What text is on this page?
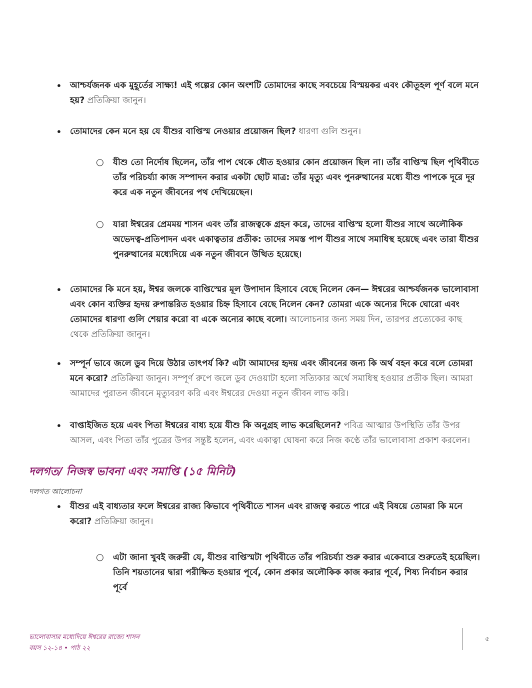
• আশ্চর্যজনক এক মুহূর্তের সাক্ষ্য! এই গল্পের কোন অংশটি তোমাদের কাছে সবচেয়ে বিস্ময়কর এবং কৌতূহল পূর্ণ বলে মনে হয়? প্রতিক্রিয়া জানুন।
• তোমাদের কেন মনে হয় যে যীশুর বাপ্তিস্ম নেওয়ার প্রয়োজন ছিল? ধারণা গুলি শুনুন।
○ যীশু তো নির্দোষ ছিলেন, তাঁর পাপ থেকে ধৌত হওয়ার কোন প্রয়োজন ছিল না। তাঁর বাপ্তিস্ম ছিল পৃথিবীতে তাঁর পরিচর্য্যা কাজ সম্পাদন করার একটা ছোট মাত্র: তাঁর মৃত্যু এবং পুনরুত্থানের মধ্যে যীশু পাপকে দূরে দূর করে এক নতুন জীবনের পথ দেখিয়েছেন।
○ যারা ঈশ্বরের প্রেমময় শাসন এবং তাঁর রাজত্বকে গ্রহন করে, তাদের বাপ্তিস্ম হলো যীশুর সাথে অলৌকিক অভেদত্ব-প্রতিপাদন এবং একাত্বতার প্রতীক: তাদের সমস্ত পাপ যীশুর সাথে সমাধিস্থ হয়েছে এবং তারা যীশুর পুনরুত্থানের মধ্যেদিয়ে এক নতুন জীবনে উত্থিত হয়েছে।
• তোমাদের কি মনে হয়, ঈশ্বর জলকে বাপ্তিস্মের মূল উপাদান হিসাবে বেছে নিলেন কেন— ঈশ্বরের আশ্চর্যজনক ভালোবাসা এবং কোন ব্যক্তির হৃদয় রুপান্তরিত হওয়ার চিহ্ন হিসাবে বেছে নিলেন কেন? তোমরা একে অন্যের দিকে ঘোরো এবং তোমাদের ধারণা গুলি শেয়ার করো বা একে অন্যের কাছে বলো। আলোচনার জন্য সময় দিন, তারপর প্রত্যেকের কাছ থেকে প্রতিক্রিয়া জানুন।
• সম্পূর্ন ভাবে জলে ডুব দিয়ে উঠার তাৎপর্য কি? এটা আমাদের হৃদয় এবং জীবনের জন্য কি অর্থ বহন করে বলে তোমরা মনে করো? প্রতিক্রিয়া জানুন। সম্পূর্ণ রুপে জলে ডুব দেওয়াটা হলো সত্যিকার অর্থে সমাধিস্থ হওয়ার প্রতীক ছিল। আমরা আমাদের পুরাতন জীবনে মৃত্যুবরণ করি এবং ঈশ্বরের দেওয়া নতুন জীবন লাভ করি।
• বাপ্তাইজিত হয়ে এবং পিতা ঈশ্বরের বাধ্য হয়ে যীশু কি অনুগ্রহ লাভ করেছিলেন? পবিত্র আত্মার উপস্থিতি তাঁর উপর আসল, এবং পিতা তাঁর পুত্রের উপর সন্তুষ্ট হলেন, এবং একাত্বা ঘোষনা করে নিজ কণ্ঠে তাঁর ভালোবাসা প্রকাশ করলেন।
দলগত/ নিজস্ব ভাবনা এবং সমাপ্তি (১৫ মিনিট)
দলগত আলোচনা
• যীশুর এই বাধ্যতার ফলে ঈশ্বরের রাজ্য কিভাবে পৃথিবীতে শাসন এবং রাজত্ব করতে পারে এই বিষয়ে তোমরা কি মনে করো? প্রতিক্রিয়া জানুন।
○ এটা জানা খুবই জরুরী যে, যীশুর বাপ্তিস্মটা পৃথিবীতে তাঁর পরিচর্য্যা শুরু করার একেবারে শুরুতেই হয়েছিল। তিনি শয়তানের দ্বারা পরীক্ষিত হওয়ার পূর্বে, কোন প্রকার অলৌকিক কাজ করার পূর্বে, শিষ্য নির্বাচন করার পূর্বে
ভালোবাসার মধ্যেদিয়ে ঈশ্বরের রাজ্যে শাসন
বয়স ১২-১৪ • পাঠ ২২
৫
